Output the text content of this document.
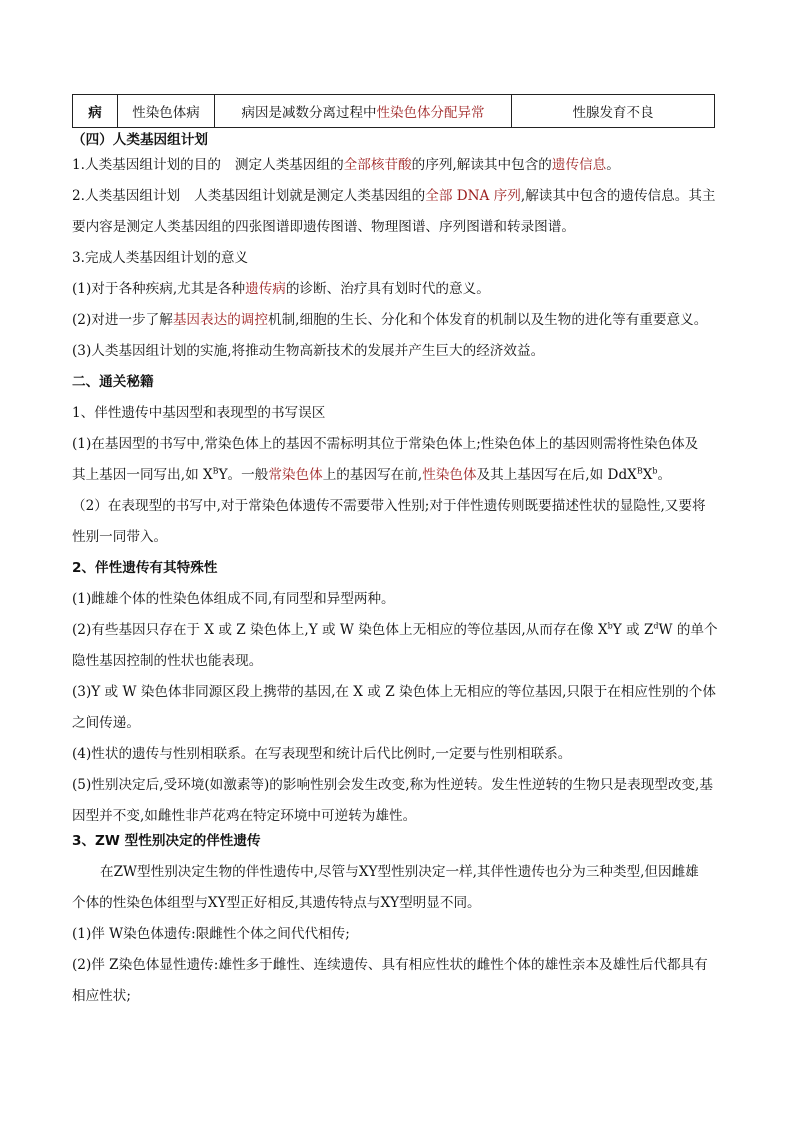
病	性染色体病	病因是减数分离过程中性染色体分配异常	性腺发育不良

（四）人类基因组计划

1.人类基因组计划的目的 测定人类基因组的全部核苷酸的序列,解读其中包含的遗传信息。

2.人类基因组计划 人类基因组计划就是测定人类基因组的全部 DNA 序列,解读其中包含的遗传信息。其主

要内容是测定人类基因组的四张图谱即遗传图谱、物理图谱、序列图谱和转录图谱。

3.完成人类基因组计划的意义

(1)对于各种疾病,尤其是各种遗传病的诊断、治疗具有划时代的意义。

(2)对进一步了解基因表达的调控机制,细胞的生长、分化和个体发育的机制以及生物的进化等有重要意义。

(3)人类基因组计划的实施,将推动生物高新技术的发展并产生巨大的经济效益。

二、通关秘籍

1、伴性遗传中基因型和表现型的书写误区

(1)在基因型的书写中,常染色体上的基因不需标明其位于常染色体上;性染色体上的基因则需将性染色体及

其上基因一同写出,如 $X^BY$。一般常染色体上的基因写在前,性染色体及其上基因写在后,如 $DdX^BX^b$。

（2）在表现型的书写中,对于常染色体遗传不需要带入性别;对于伴性遗传则既要描述性状的显隐性,又要将

性别一同带入。

2、伴性遗传有其特殊性

(1)雌雄个体的性染色体组成不同,有同型和异型两种。

(2)有些基因只存在于 X 或 Z 染色体上,Y 或 W 染色体上无相应的等位基因,从而存在像 $X^bY$ 或 $Z^dW$ 的单个

隐性基因控制的性状也能表现。

(3)Y 或 W 染色体非同源区段上携带的基因,在 X 或 Z 染色体上无相应的等位基因,只限于在相应性别的个体

之间传递。

(4)性状的遗传与性别相联系。在写表现型和统计后代比例时,一定要与性别相联系。

(5)性别决定后,受环境(如激素等)的影响性别会发生改变,称为性逆转。发生性逆转的生物只是表现型改变,基

因型并不变,如雌性非芦花鸡在特定环境中可逆转为雄性。

3、ZW 型性别决定的伴性遗传

在ZW型性别决定生物的伴性遗传中,尽管与XY型性别决定一样,其伴性遗传也分为三种类型,但因雌雄

个体的性染色体组型与XY型正好相反,其遗传特点与XY型明显不同。

(1)伴 W染色体遗传:限雌性个体之间代代相传;

(2)伴 Z染色体显性遗传:雄性多于雌性、连续遗传、具有相应性状的雌性个体的雄性亲本及雄性后代都具有

相应性状;
